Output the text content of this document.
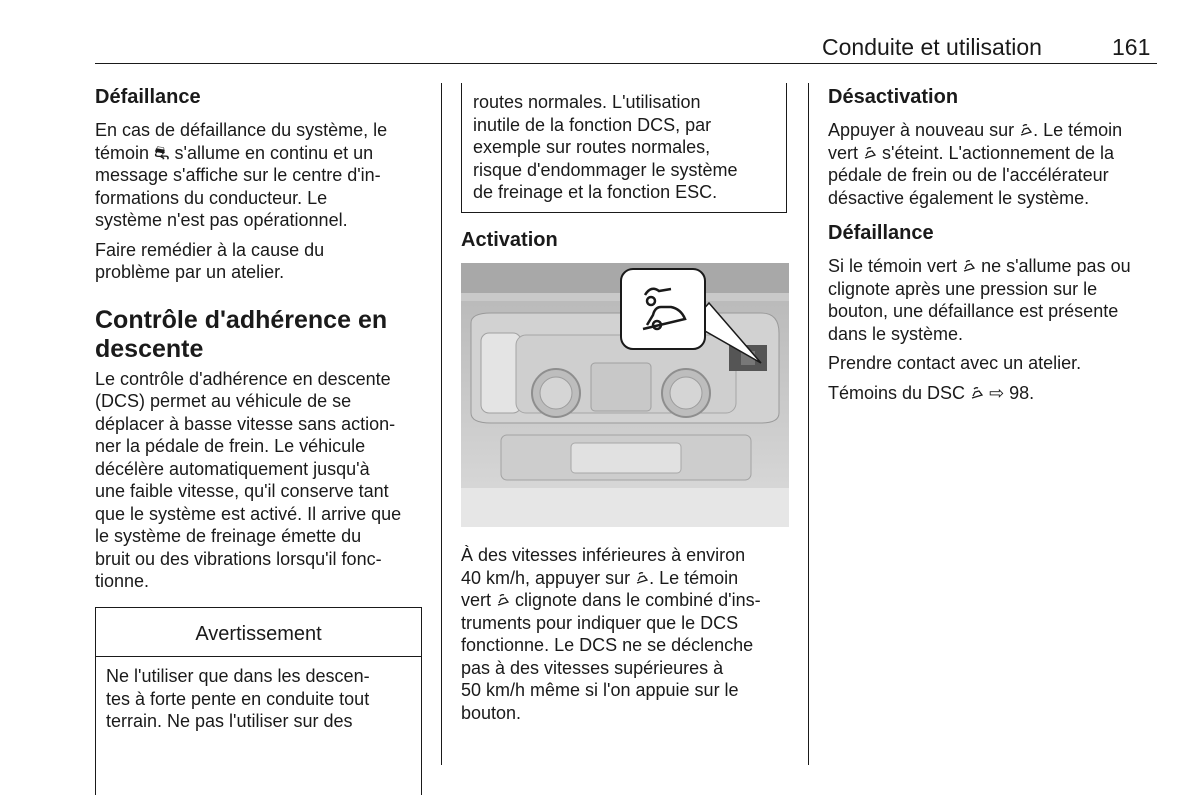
Conduite et utilisation	161
Défaillance
En cas de défaillance du système, le
témoin ⛐ s'allume en continu et un
message s'affiche sur le centre d'in-
formations du conducteur. Le
système n'est pas opérationnel.
Faire remédier à la cause du
problème par un atelier.
Contrôle d'adhérence en
descente
Le contrôle d'adhérence en descente
(DCS) permet au véhicule de se
déplacer à basse vitesse sans action-
ner la pédale de frein. Le véhicule
décélère automatiquement jusqu'à
une faible vitesse, qu'il conserve tant
que le système est activé. Il arrive que
le système de freinage émette du
bruit ou des vibrations lorsqu'il fonc-
tionne.
Avertissement
Ne l'utiliser que dans les descen-
tes à forte pente en conduite tout
terrain. Ne pas l'utiliser sur des
routes normales. L'utilisation
inutile de la fonction DCS, par
exemple sur routes normales,
risque d'endommager le système
de freinage et la fonction ESC.
Activation
À des vitesses inférieures à environ
40 km/h, appuyer sur . Le témoin
vert  clignote dans le combiné d'ins-
truments pour indiquer que le DCS
fonctionne. Le DCS ne se déclenche
pas à des vitesses supérieures à
50 km/h même si l'on appuie sur le
bouton.
Désactivation
Appuyer à nouveau sur . Le témoin
vert  s'éteint. L'actionnement de la
pédale de frein ou de l'accélérateur
désactive également le système.
Défaillance
Si le témoin vert  ne s'allume pas ou
clignote après une pression sur le
bouton, une défaillance est présente
dans le système.
Prendre contact avec un atelier.
Témoins du DSC  ⇨ 98.
